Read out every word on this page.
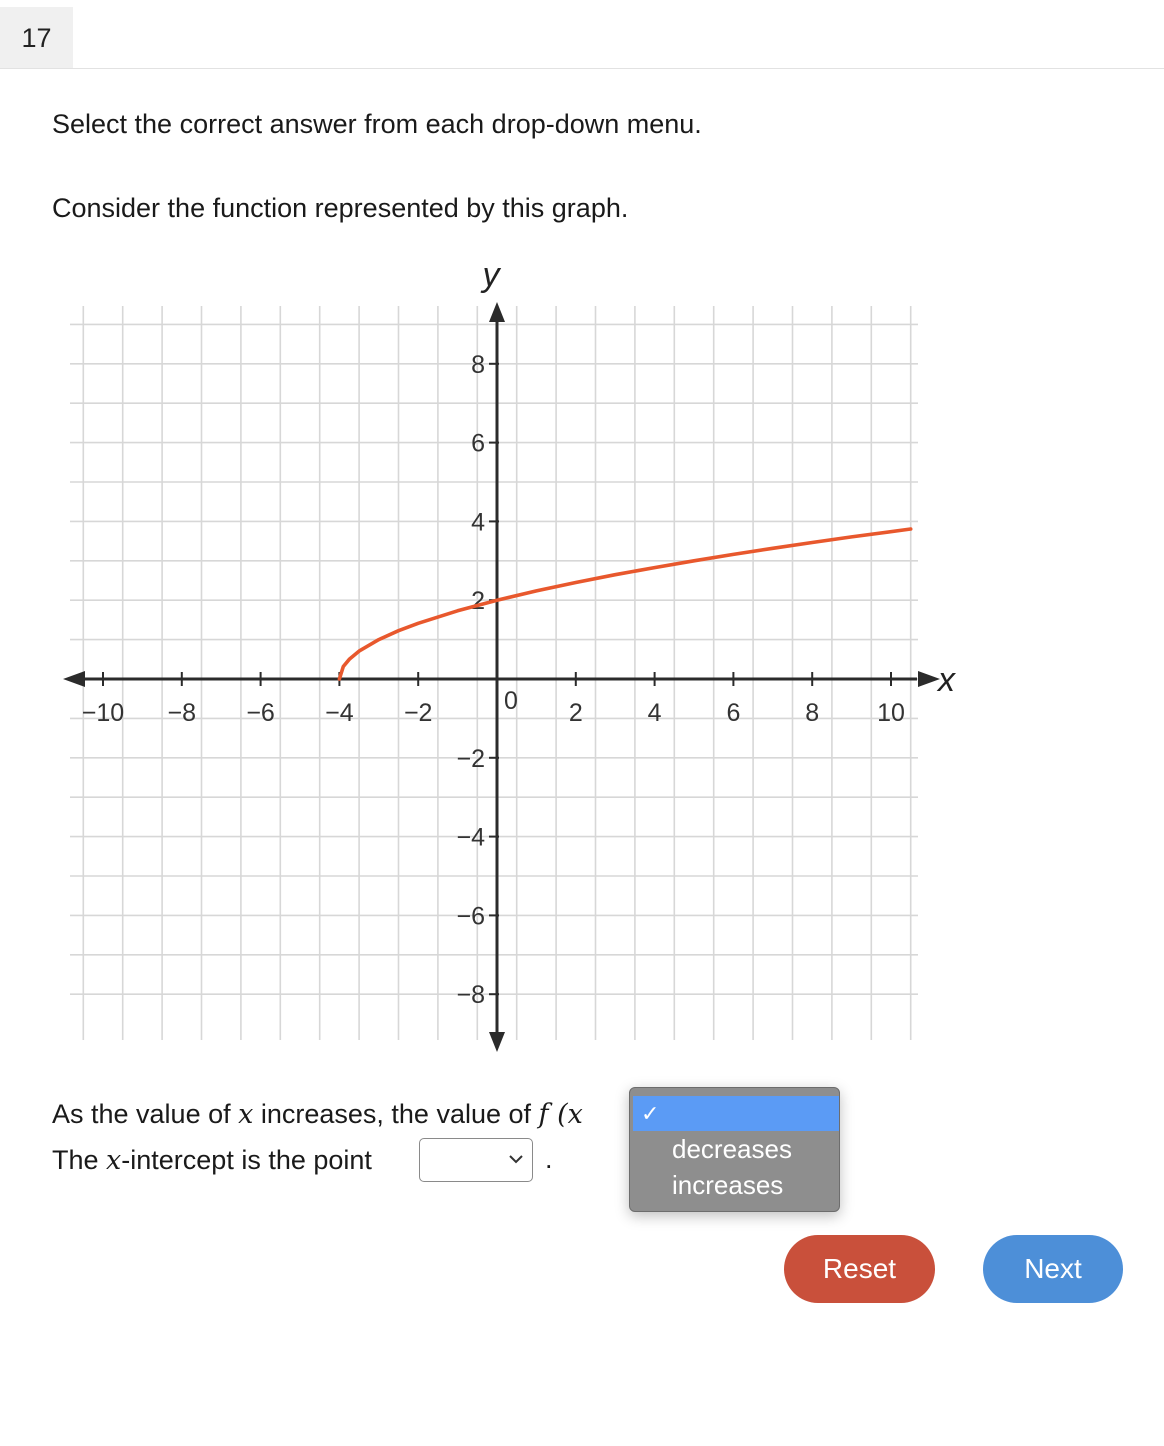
17
Select the correct answer from each drop-down menu.
Consider the function represented by this graph.
x
y
−10 −8 −6 −4 −2	2	4	6	8 10
−8
−6
−4
−2
2
4
6
8
0
As the value of x increases, the value of f (x
The x-intercept is the point	.
✓
decreases
increases
Reset	Next
